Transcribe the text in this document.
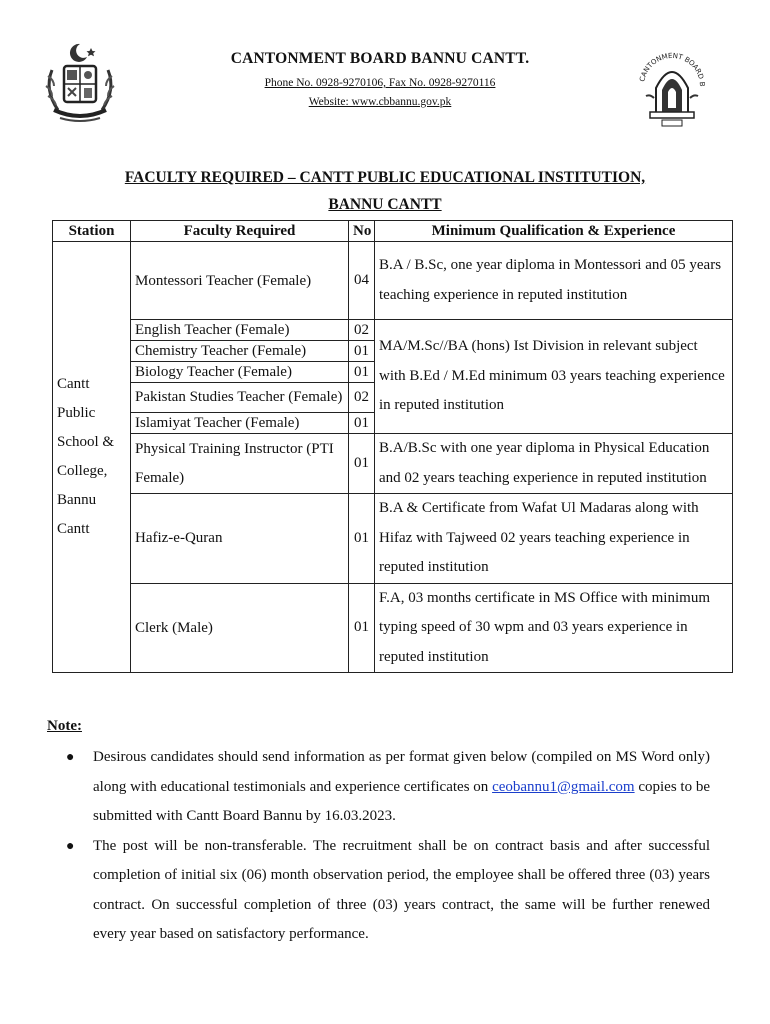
CANTONMENT BOARD BANNU CANTT.
Phone No. 0928-9270106, Fax No. 0928-9270116
Website: www.cbbannu.gov.pk
CANTONMENT BOARD B
FACULTY REQUIRED – CANTT PUBLIC EDUCATIONAL INSTITUTION,
BANNU CANTT
Station	Faculty Required	No	Minimum Qualification & Experience
Cantt Public School & College, Bannu Cantt	Montessori Teacher (Female)	04	B.A / B.Sc, one year diploma in Montessori and 05 years teaching experience in reputed institution
	English Teacher (Female)	02	MA/M.Sc//BA (hons) Ist Division in relevant subject with B.Ed / M.Ed minimum 03 years teaching experience in reputed institution
	Chemistry Teacher (Female)	01	
	Biology Teacher (Female)	01	
	Pakistan Studies Teacher (Female)	02	
	Islamiyat Teacher (Female)	01	
	Physical Training Instructor (PTI Female)	01	B.A/B.Sc with one year diploma in Physical Education and 02 years teaching experience in reputed institution
	Hafiz-e-Quran	01	B.A & Certificate from Wafat Ul Madaras along with Hifaz with Tajweed 02 years teaching experience in reputed institution
	Clerk (Male)	01	F.A, 03 months certificate in MS Office with minimum typing speed of 30 wpm and 03 years experience in reputed institution
Note:
● Desirous candidates should send information as per format given below (compiled on MS Word only) along with educational testimonials and experience certificates on ceobannu1@gmail.com copies to be submitted with Cantt Board Bannu by 16.03.2023.
● The post will be non-transferable. The recruitment shall be on contract basis and after successful completion of initial six (06) month observation period, the employee shall be offered three (03) years contract. On successful completion of three (03) years contract, the same will be further renewed every year based on satisfactory performance.
